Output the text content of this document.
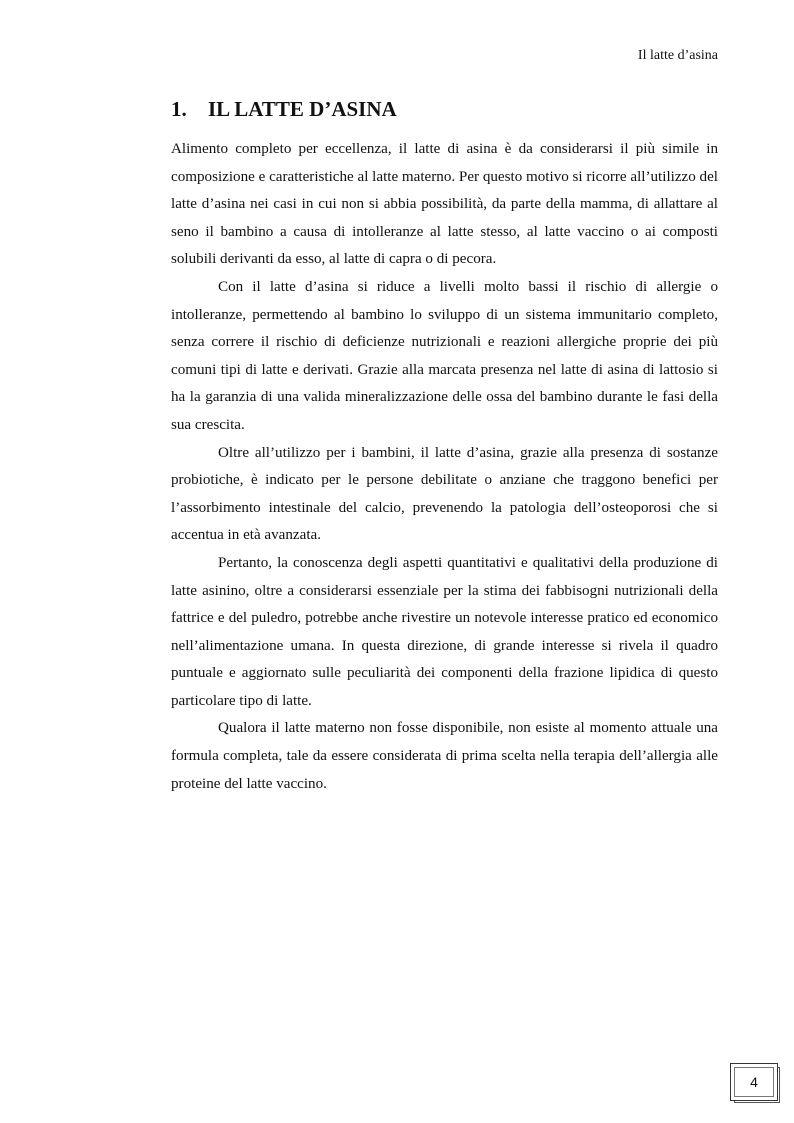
Il latte d’asina
1. IL LATTE D’ASINA

Alimento completo per eccellenza, il latte di asina è da considerarsi il più simile in composizione e caratteristiche al latte materno. Per questo motivo si ricorre all’utilizzo del latte d’asina nei casi in cui non si abbia possibilità, da parte della mamma, di allattare al seno il bambino a causa di intolleranze al latte stesso, al latte vaccino o ai composti solubili derivanti da esso, al latte di capra o di pecora.

Con il latte d’asina si riduce a livelli molto bassi il rischio di allergie o intolleranze, permettendo al bambino lo sviluppo di un sistema immunitario completo, senza correre il rischio di deficienze nutrizionali e reazioni allergiche proprie dei più comuni tipi di latte e derivati. Grazie alla marcata presenza nel latte di asina di lattosio si ha la garanzia di una valida mineralizzazione delle ossa del bambino durante le fasi della sua crescita.

Oltre all’utilizzo per i bambini, il latte d’asina, grazie alla presenza di sostanze probiotiche, è indicato per le persone debilitate o anziane che traggono benefici per l’assorbimento intestinale del calcio, prevenendo la patologia dell’osteoporosi che si accentua in età avanzata.

Pertanto, la conoscenza degli aspetti quantitativi e qualitativi della produzione di latte asinino, oltre a considerarsi essenziale per la stima dei fabbisogni nutrizionali della fattrice e del puledro, potrebbe anche rivestire un notevole interesse pratico ed economico nell’alimentazione umana. In questa direzione, di grande interesse si rivela il quadro puntuale e aggiornato sulle peculiarità dei componenti della frazione lipidica di questo particolare tipo di latte.

Qualora il latte materno non fosse disponibile, non esiste al momento attuale una formula completa, tale da essere considerata di prima scelta nella terapia dell’allergia alle proteine del latte vaccino.

4
